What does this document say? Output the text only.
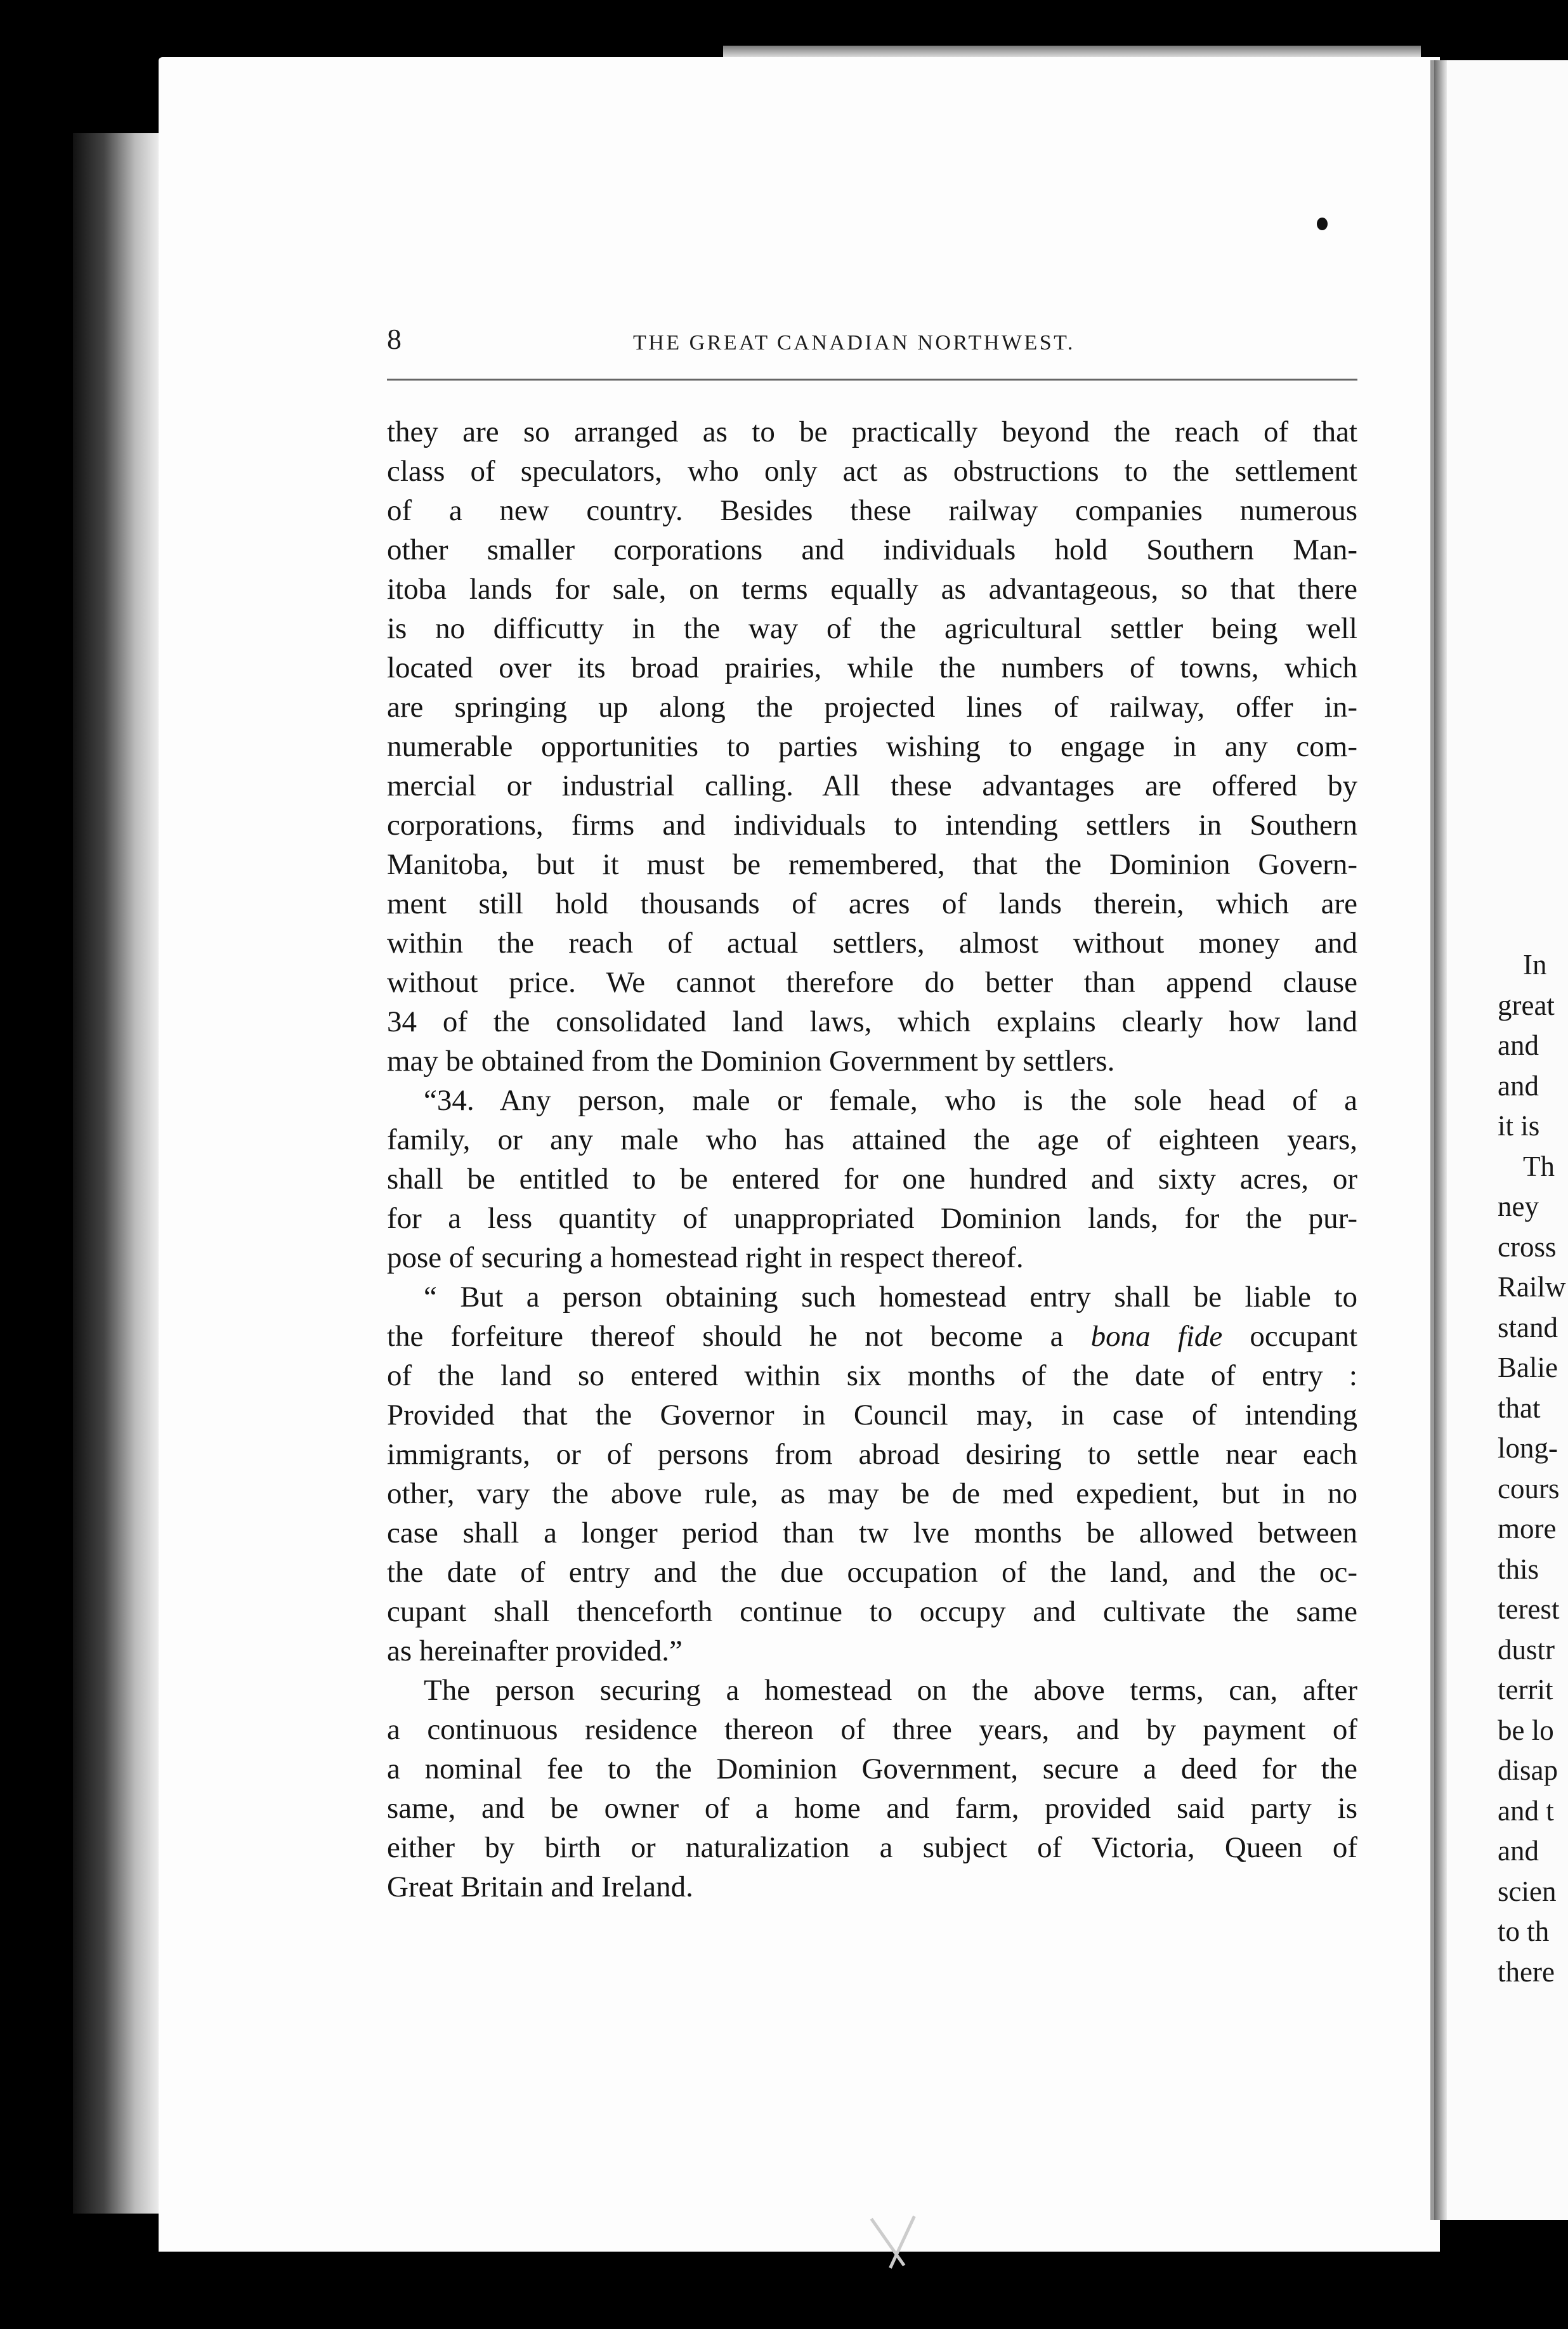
In
great
and
and
it is
Th
ney
cross
Railw
stand
Balie
that
long-
cours
more
this
terest
dustr
territ
be lo
disap
and t
and
scien
to th
there
8	THE GREAT CANADIAN NORTHWEST.
they are so arranged as to be practically beyond the reach of that
class of speculators, who only act as obstructions to the settlement
of a new country. Besides these railway companies numerous
other smaller corporations and individuals hold Southern Man-
itoba lands for sale, on terms equally as advantageous, so that there
is no difficutty in the way of the agricultural settler being well
located over its broad prairies, while the numbers of towns, which
are springing up along the projected lines of railway, offer in-
numerable opportunities to parties wishing to engage in any com-
mercial or industrial calling. All these advantages are offered by
corporations, firms and individuals to intending settlers in Southern
Manitoba, but it must be remembered, that the Dominion Govern-
ment still hold thousands of acres of lands therein, which are
within the reach of actual settlers, almost without money and
without price. We cannot therefore do better than append clause
34 of the consolidated land laws, which explains clearly how land
may be obtained from the Dominion Government by settlers.
“34. Any person, male or female, who is the sole head of a
family, or any male who has attained the age of eighteen years,
shall be entitled to be entered for one hundred and sixty acres, or
for a less quantity of unappropriated Dominion lands, for the pur-
pose of securing a homestead right in respect thereof.
“ But a person obtaining such homestead entry shall be liable to
the forfeiture thereof should he not become a bona fide occupant
of the land so entered within six months of the date of entry :
Provided that the Governor in Council may, in case of intending
immigrants, or of persons from abroad desiring to settle near each
other, vary the above rule, as may be de med expedient, but in no
case shall a longer period than tw lve months be allowed between
the date of entry and the due occupation of the land, and the oc-
cupant shall thenceforth continue to occupy and cultivate the same
as hereinafter provided.”
The person securing a homestead on the above terms, can, after
a continuous residence thereon of three years, and by payment of
a nominal fee to the Dominion Government, secure a deed for the
same, and be owner of a home and farm, provided said party is
either by birth or naturalization a subject of Victoria, Queen of
Great Britain and Ireland.
